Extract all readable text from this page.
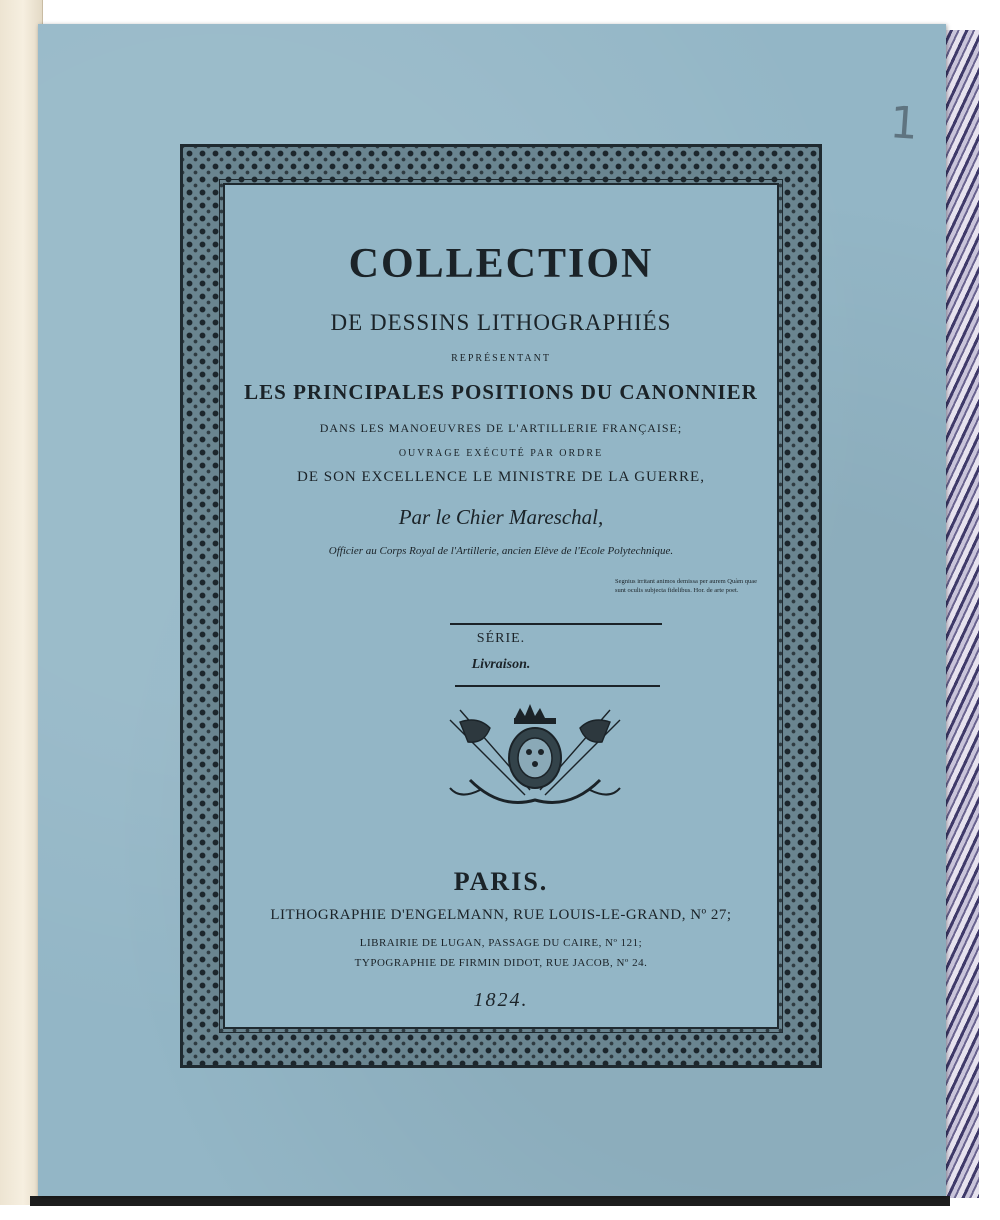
1
COLLECTION
DE DESSINS LITHOGRAPHIÉS
REPRÉSENTANT
LES PRINCIPALES POSITIONS DU CANONNIER
DANS LES MANOEUVRES DE L'ARTILLERIE FRANÇAISE;
OUVRAGE EXÉCUTÉ PAR ORDRE
DE SON EXCELLENCE LE MINISTRE DE LA GUERRE,
Par le Chier Mareschal,
Officier au Corps Royal de l'Artillerie, ancien Elève de l'Ecole Polytechnique.
Segnius irritant animos demissa per aurem Quàm quae sunt oculis subjecta fidelibus. Hor. de arte poet.
SÉRIE.
Livraison.
PARIS.
LITHOGRAPHIE D'ENGELMANN, RUE LOUIS-LE-GRAND, Nº 27;
LIBRAIRIE DE LUGAN, PASSAGE DU CAIRE, Nº 121;
TYPOGRAPHIE DE FIRMIN DIDOT, RUE JACOB, Nº 24.
1824.
